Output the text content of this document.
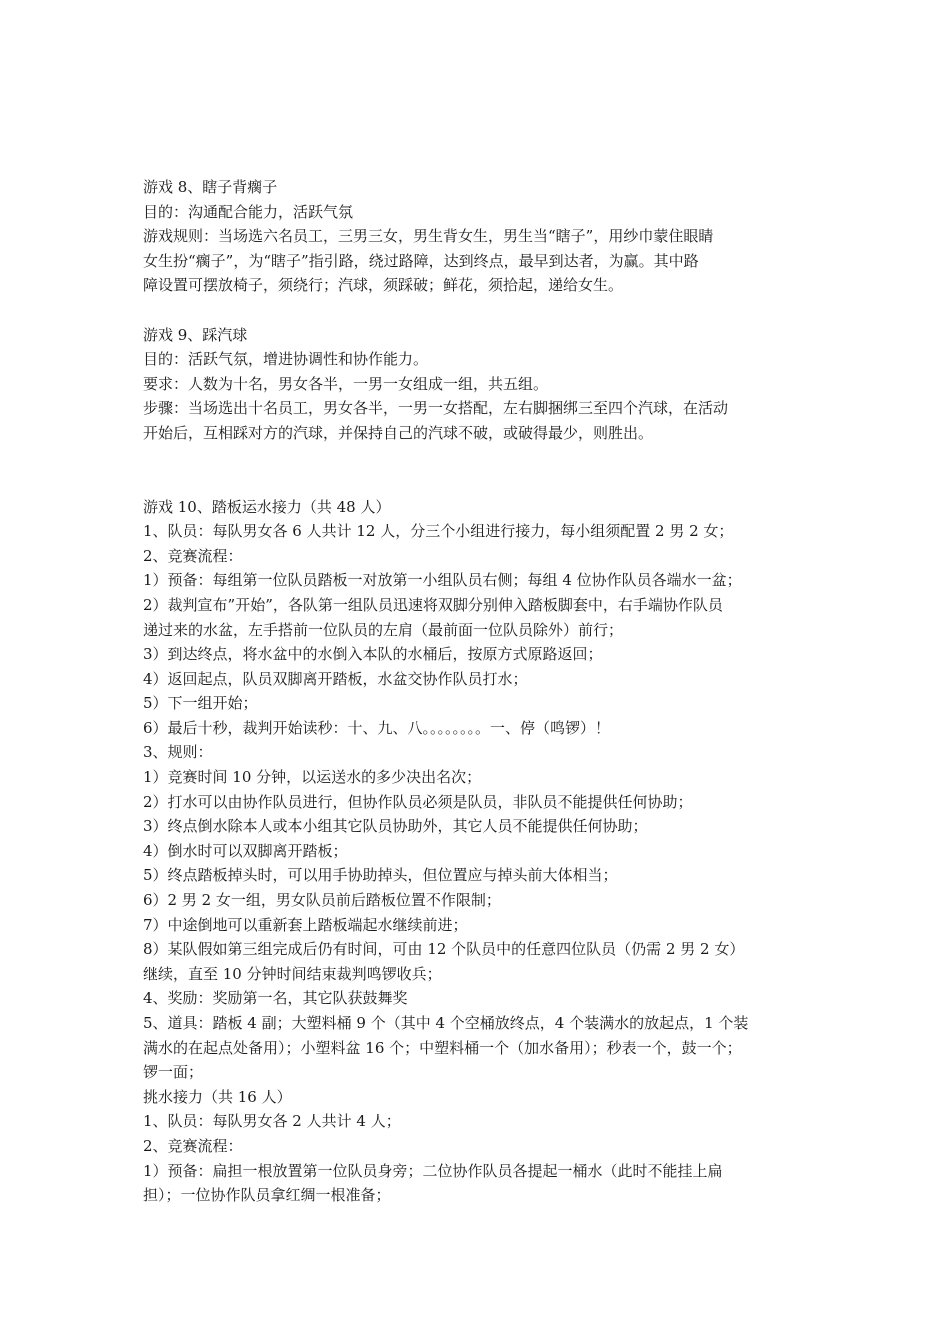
游戏 8、瞎子背瘸子
目的：沟通配合能力，活跃气氛
游戏规则：当场选六名员工，三男三女，男生背女生，男生当“瞎子”，用纱巾蒙住眼睛
女生扮“瘸子”，为“瞎子”指引路，绕过路障，达到终点，最早到达者，为赢。其中路
障设置可摆放椅子，须绕行；汽球，须踩破；鲜花，须拾起，递给女生。
游戏 9、踩汽球
目的：活跃气氛，增进协调性和协作能力。
要求：人数为十名，男女各半，一男一女组成一组，共五组。
步骤：当场选出十名员工，男女各半，一男一女搭配，左右脚捆绑三至四个汽球，在活动
开始后，互相踩对方的汽球，并保持自己的汽球不破，或破得最少，则胜出。
游戏 10、踏板运水接力（共 48 人）
1、队员：每队男女各 6 人共计 12 人，分三个小组进行接力，每小组须配置 2 男 2 女；
2、竞赛流程：
1）预备：每组第一位队员踏板一对放第一小组队员右侧；每组 4 位协作队员各端水一盆；
2）裁判宣布”开始”，各队第一组队员迅速将双脚分别伸入踏板脚套中，右手端协作队员
递过来的水盆，左手搭前一位队员的左肩（最前面一位队员除外）前行；
3）到达终点，将水盆中的水倒入本队的水桶后，按原方式原路返回；
4）返回起点，队员双脚离开踏板，水盆交协作队员打水；
5）下一组开始；
6）最后十秒，裁判开始读秒：十、九、八。。。。。。。。一、停（鸣锣）！
3、规则：
1）竞赛时间 10 分钟，以运送水的多少决出名次；
2）打水可以由协作队员进行，但协作队员必须是队员，非队员不能提供任何协助；
3）终点倒水除本人或本小组其它队员协助外，其它人员不能提供任何协助；
4）倒水时可以双脚离开踏板；
5）终点踏板掉头时，可以用手协助掉头，但位置应与掉头前大体相当；
6）2 男 2 女一组，男女队员前后踏板位置不作限制；
7）中途倒地可以重新套上踏板端起水继续前进；
8）某队假如第三组完成后仍有时间，可由 12 个队员中的任意四位队员（仍需 2 男 2 女）
继续，直至 10 分钟时间结束裁判鸣锣收兵；
4、奖励：奖励第一名，其它队获鼓舞奖
5、道具：踏板 4 副；大塑料桶 9 个（其中 4 个空桶放终点，4 个装满水的放起点，1 个装
满水的在起点处备用）；小塑料盆 16 个；中塑料桶一个（加水备用）；秒表一个，鼓一个；
锣一面；
挑水接力（共 16 人）
1、队员：每队男女各 2 人共计 4 人；
2、竞赛流程：
1）预备：扁担一根放置第一位队员身旁；二位协作队员各提起一桶水（此时不能挂上扁
担）；一位协作队员拿红绸一根准备；
